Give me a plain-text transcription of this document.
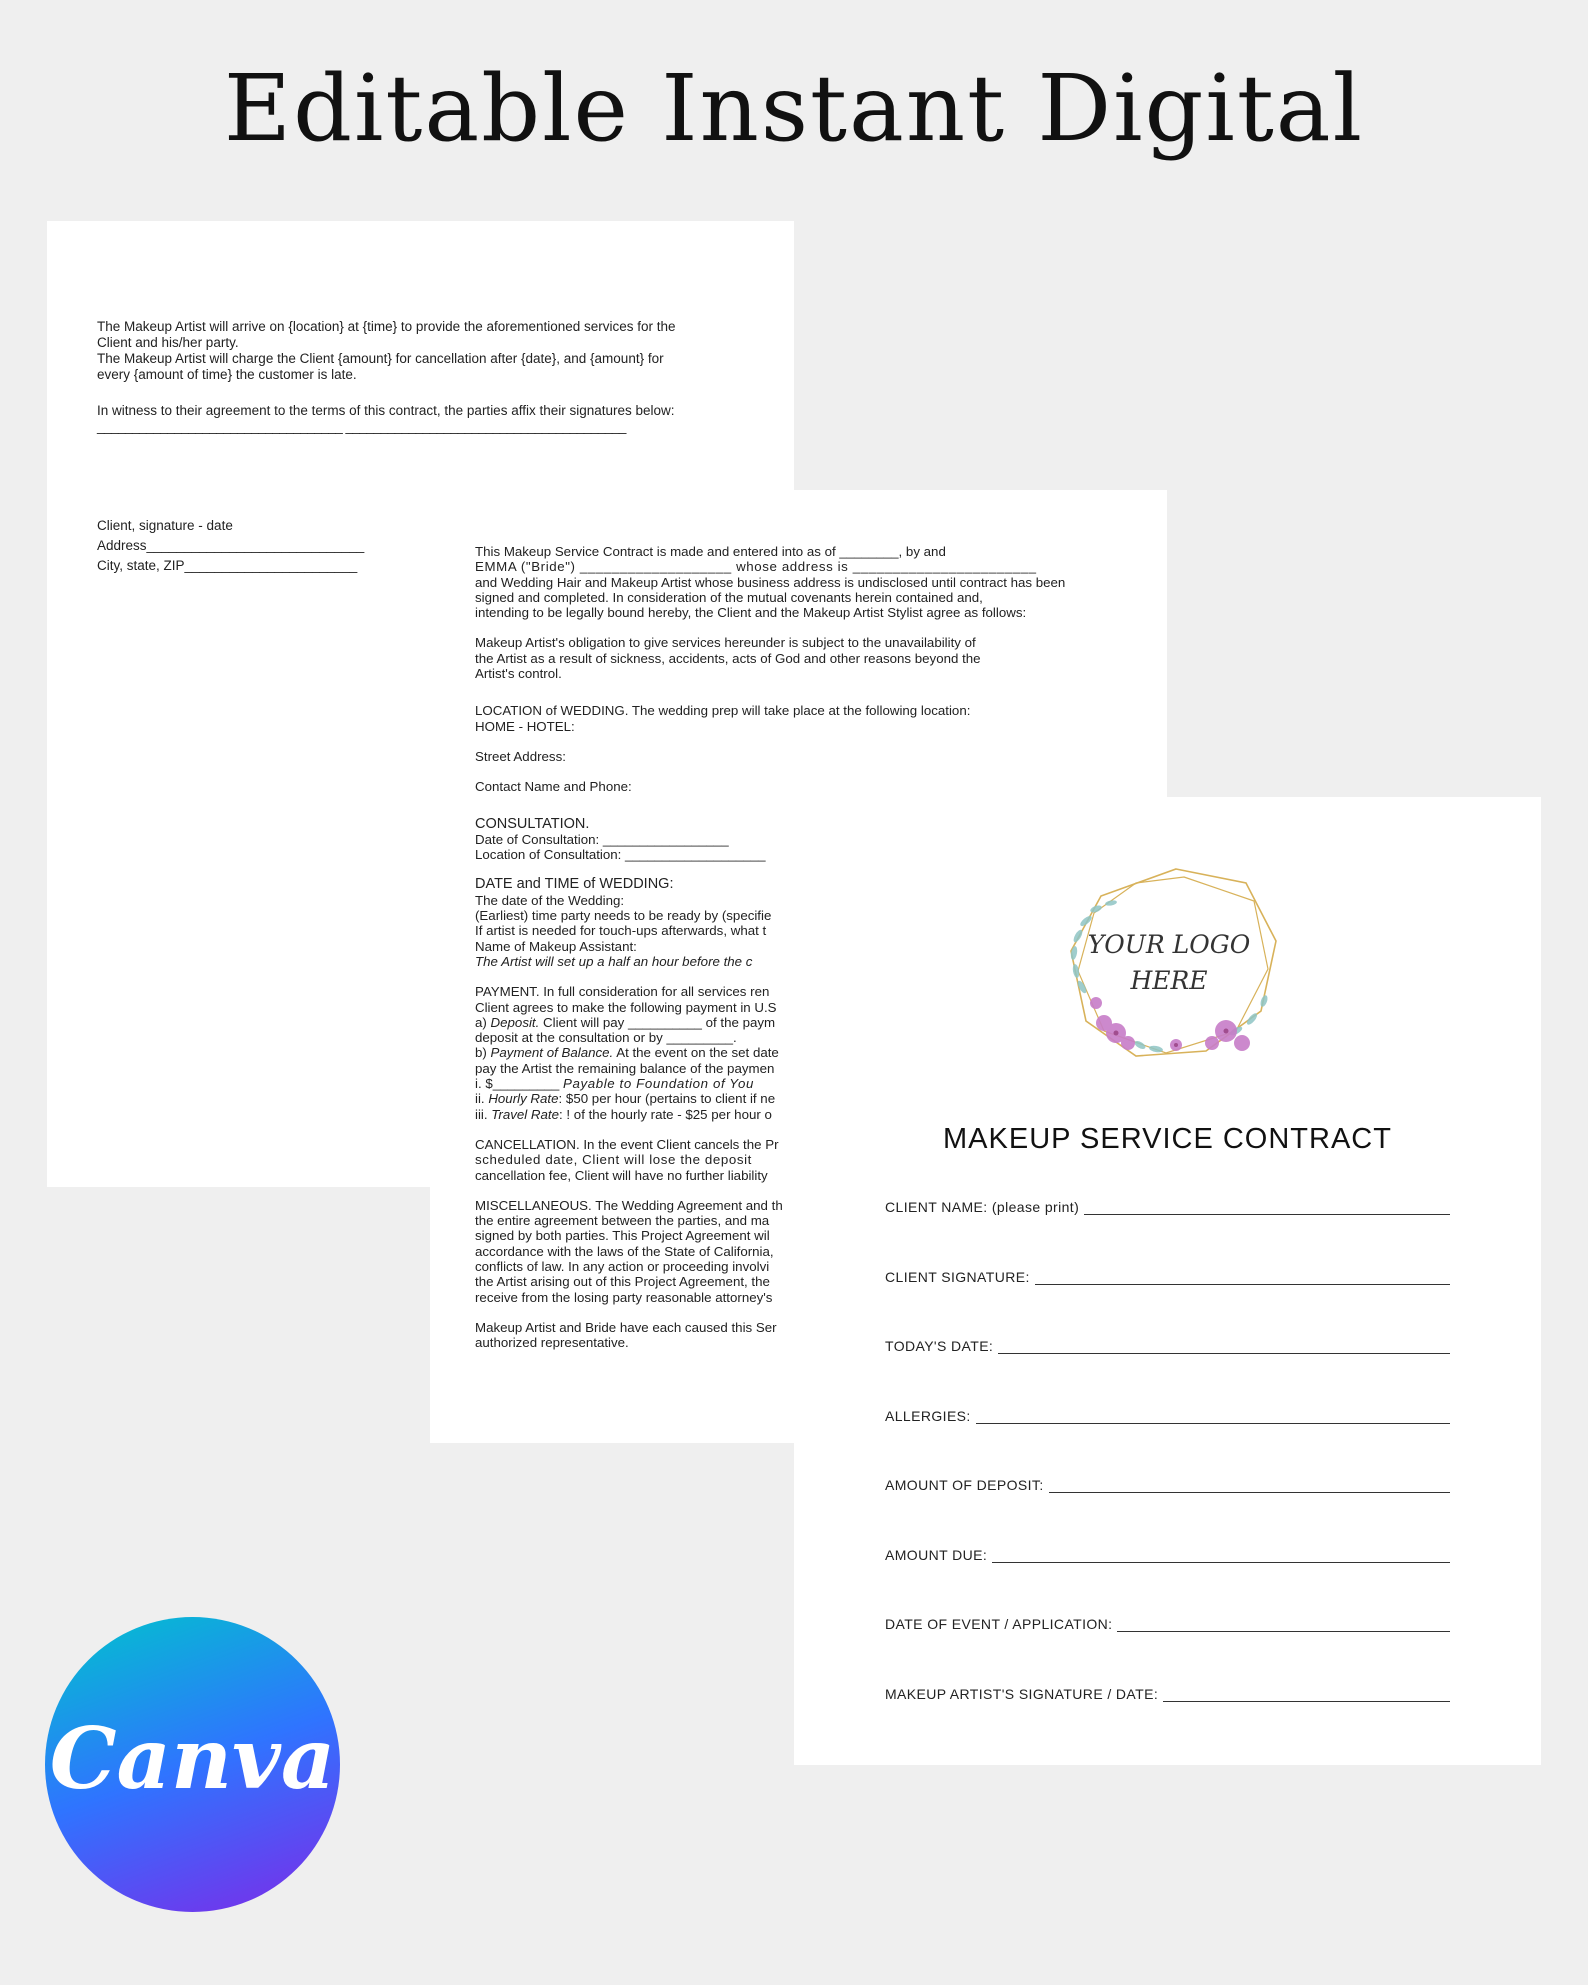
Editable Instant Digital

The Makeup Artist will arrive on {location} at {time} to provide the aforementioned services for the

Client and his/her party.

The Makeup Artist will charge the Client {amount} for cancellation after {date}, and {amount} for

every {amount of time} the customer is late.

In witness to their agreement to the terms of this contract, the parties affix their signatures below:

___________________________________ ________________________________________

Client, signature - date

Address_____________________________

City, state, ZIP_______________________

This Makeup Service Contract is made and entered into as of ________, by and

EMMA ("Bride") ___________________ whose address is _______________________

and Wedding Hair and Makeup Artist whose business address is undisclosed until contract has been

signed and completed. In consideration of the mutual covenants herein contained and,

intending to be legally bound hereby, the Client and the Makeup Artist Stylist agree as follows:

Makeup Artist's obligation to give services hereunder is subject to the unavailability of

the Artist as a result of sickness, accidents, acts of God and other reasons beyond the

Artist's control.

LOCATION of WEDDING. The wedding prep will take place at the following location:

HOME - HOTEL:

Street Address:

Contact Name and Phone:

CONSULTATION.

Date of Consultation: _________________

Location of Consultation: ___________________

DATE and TIME of WEDDING:

The date of the Wedding:

(Earliest) time party needs to be ready by (specifie

If artist is needed for touch-ups afterwards, what t

Name of Makeup Assistant:

The Artist will set up a half an hour before the c

PAYMENT. In full consideration for all services ren

Client agrees to make the following payment in U.S

a) Deposit. Client will pay __________ of the paym

deposit at the consultation or by _________.

b) Payment of Balance. At the event on the set date

pay the Artist the remaining balance of the paymen

i. $_________ Payable to Foundation of You

ii. Hourly Rate: $50 per hour (pertains to client if ne

iii. Travel Rate: ! of the hourly rate - $25 per hour o

CANCELLATION. In the event Client cancels the Pr

scheduled date, Client will lose the deposit

cancellation fee, Client will have no further liability

MISCELLANEOUS. The Wedding Agreement and th

the entire agreement between the parties, and ma

signed by both parties. This Project Agreement wil

accordance with the laws of the State of California,

conflicts of law. In any action or proceeding involvi

the Artist arising out of this Project Agreement, the

receive from the losing party reasonable attorney's

Makeup Artist and Bride have each caused this Ser

authorized representative.

YOUR LOGO
HERE
MAKEUP SERVICE CONTRACT
CLIENT NAME: (please print)
CLIENT SIGNATURE:
TODAY'S DATE:
ALLERGIES:
AMOUNT OF DEPOSIT:
AMOUNT DUE:
DATE OF EVENT / APPLICATION:
MAKEUP ARTIST'S SIGNATURE / DATE:
Canva
